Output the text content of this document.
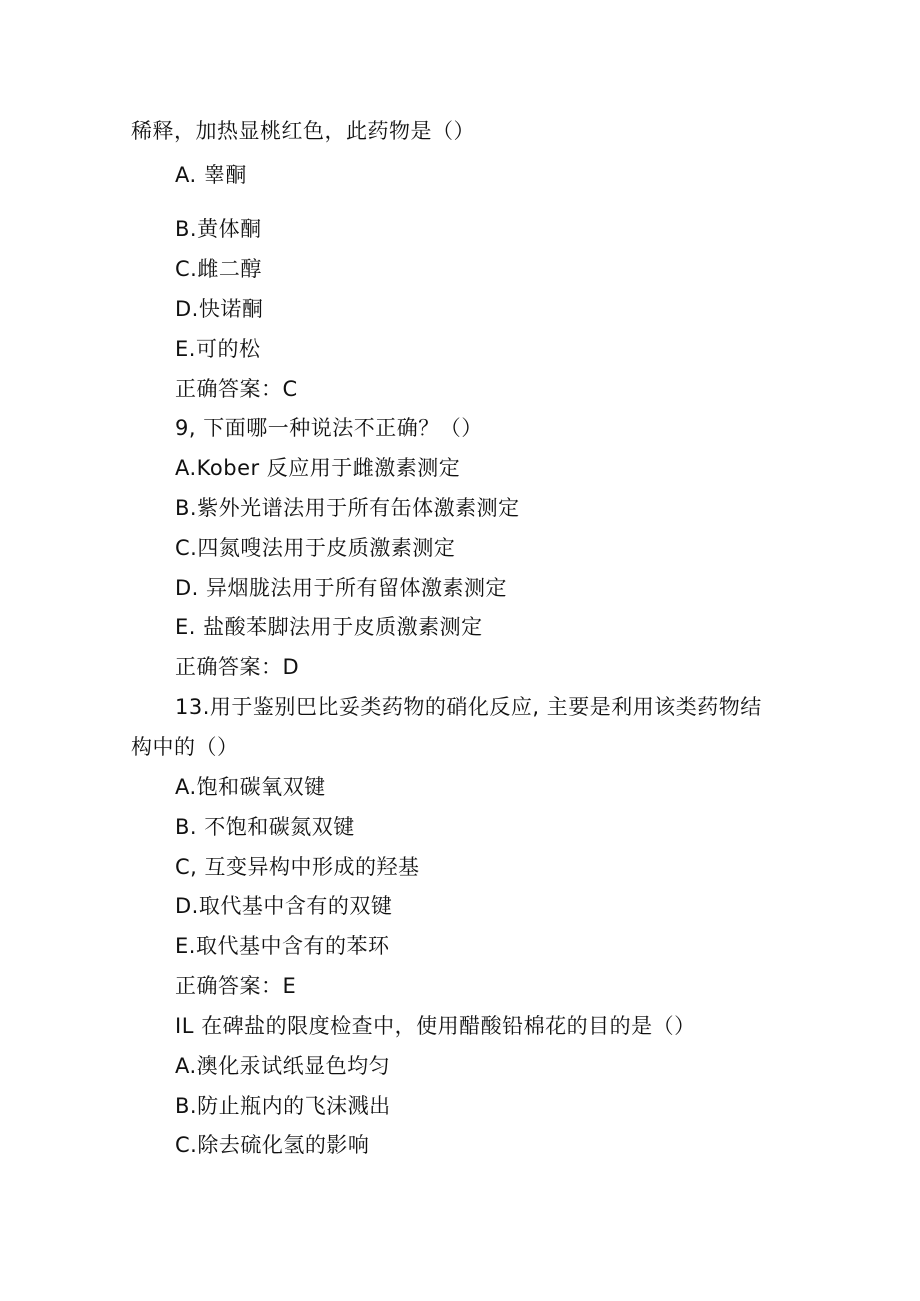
稀释，加热显桃红色，此药物是（）
A. 睾酮
B.黄体酮
C.雌二醇
D.快诺酮
E.可的松
正确答案：C
9, 下面哪一种说法不正确？（）
A.Kober 反应用于雌激素测定
B.紫外光谱法用于所有缶体激素测定
C.四氮嗖法用于皮质激素测定
D. 异烟胧法用于所有留体激素测定
E. 盐酸苯脚法用于皮质激素测定
正确答案：D
13.用于鉴别巴比妥类药物的硝化反应, 主要是利用该类药物结
构中的（）
A.饱和碳氧双键
B. 不饱和碳氮双键
C, 互变异构中形成的羟基
D.取代基中含有的双键
E.取代基中含有的苯环
正确答案：E
IL 在碑盐的限度检查中，使用醋酸铅棉花的目的是（）
A.澳化汞试纸显色均匀
B.防止瓶内的飞沫溅出
C.除去硫化氢的影响
